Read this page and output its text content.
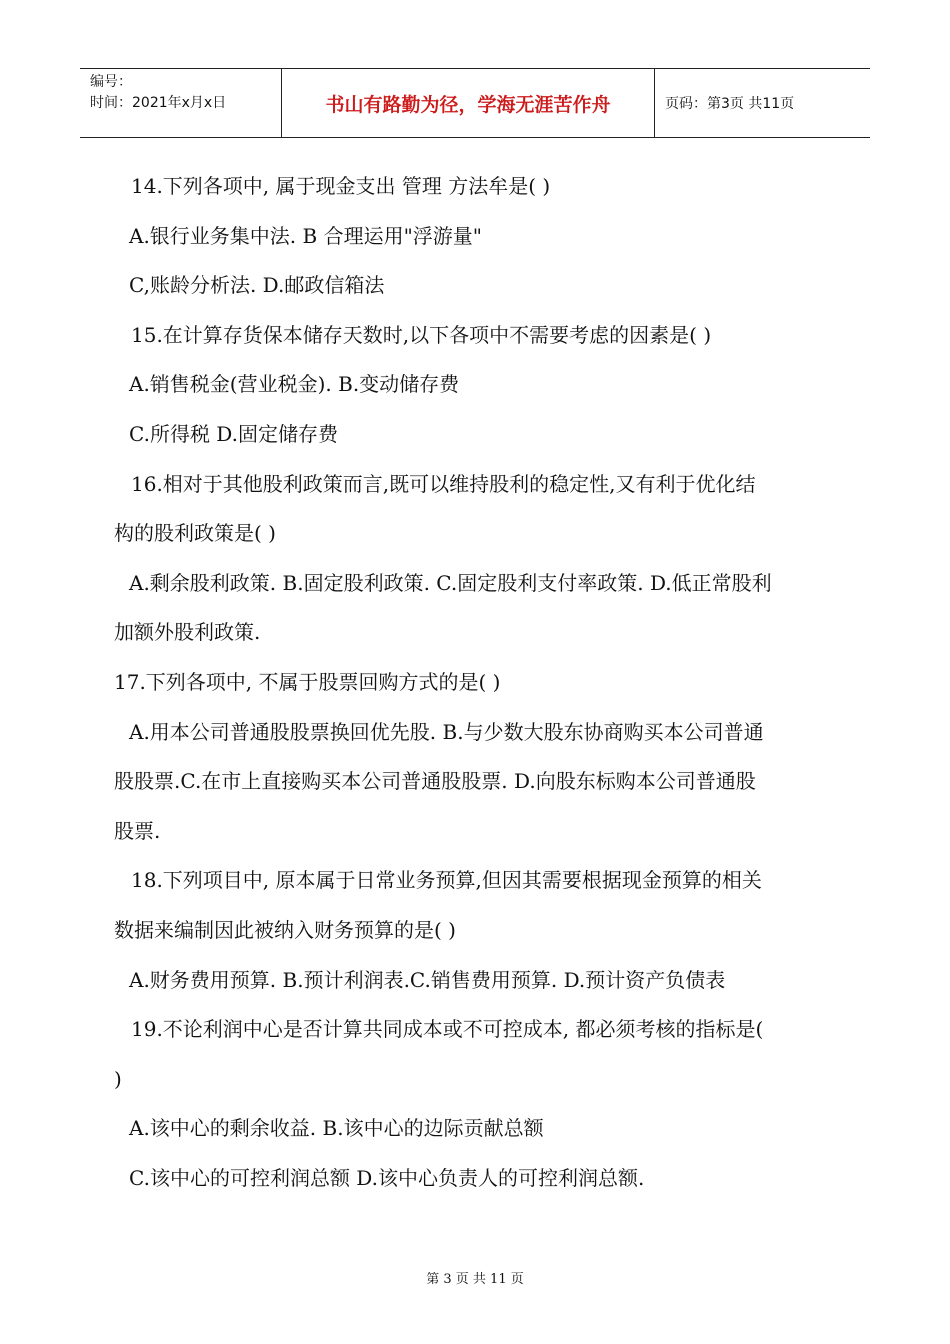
编号：
时间：2021年x月x日	书山有路勤为径，学海无涯苦作舟	页码：第3页 共11页
14.下列各项中, 属于现金支出 管理 方法牟是( )
A.银行业务集中法. B 合理运用"浮游量"
C,账龄分析法. D.邮政信箱法
15.在计算存货保本储存天数时,以下各项中不需要考虑的因素是( )
A.销售税金(营业税金). B.变动储存费
C.所得税 D.固定储存费
16.相对于其他股利政策而言,既可以维持股利的稳定性,又有利于优化结
构的股利政策是( )
A.剩余股利政策. B.固定股利政策. C.固定股利支付率政策. D.低正常股利
加额外股利政策.
17.下列各项中, 不属于股票回购方式的是( )
A.用本公司普通股股票换回优先股. B.与少数大股东协商购买本公司普通
股股票.C.在市上直接购买本公司普通股股票. D.向股东标购本公司普通股
股票.
18.下列项目中, 原本属于日常业务预算,但因其需要根据现金预算的相关
数据来编制因此被纳入财务预算的是( )
A.财务费用预算. B.预计利润表.C.销售费用预算. D.预计资产负债表
19.不论利润中心是否计算共同成本或不可控成本, 都必须考核的指标是(
)
A.该中心的剩余收益. B.该中心的边际贡献总额
C.该中心的可控利润总额 D.该中心负责人的可控利润总额.
第 3 页 共 11 页
